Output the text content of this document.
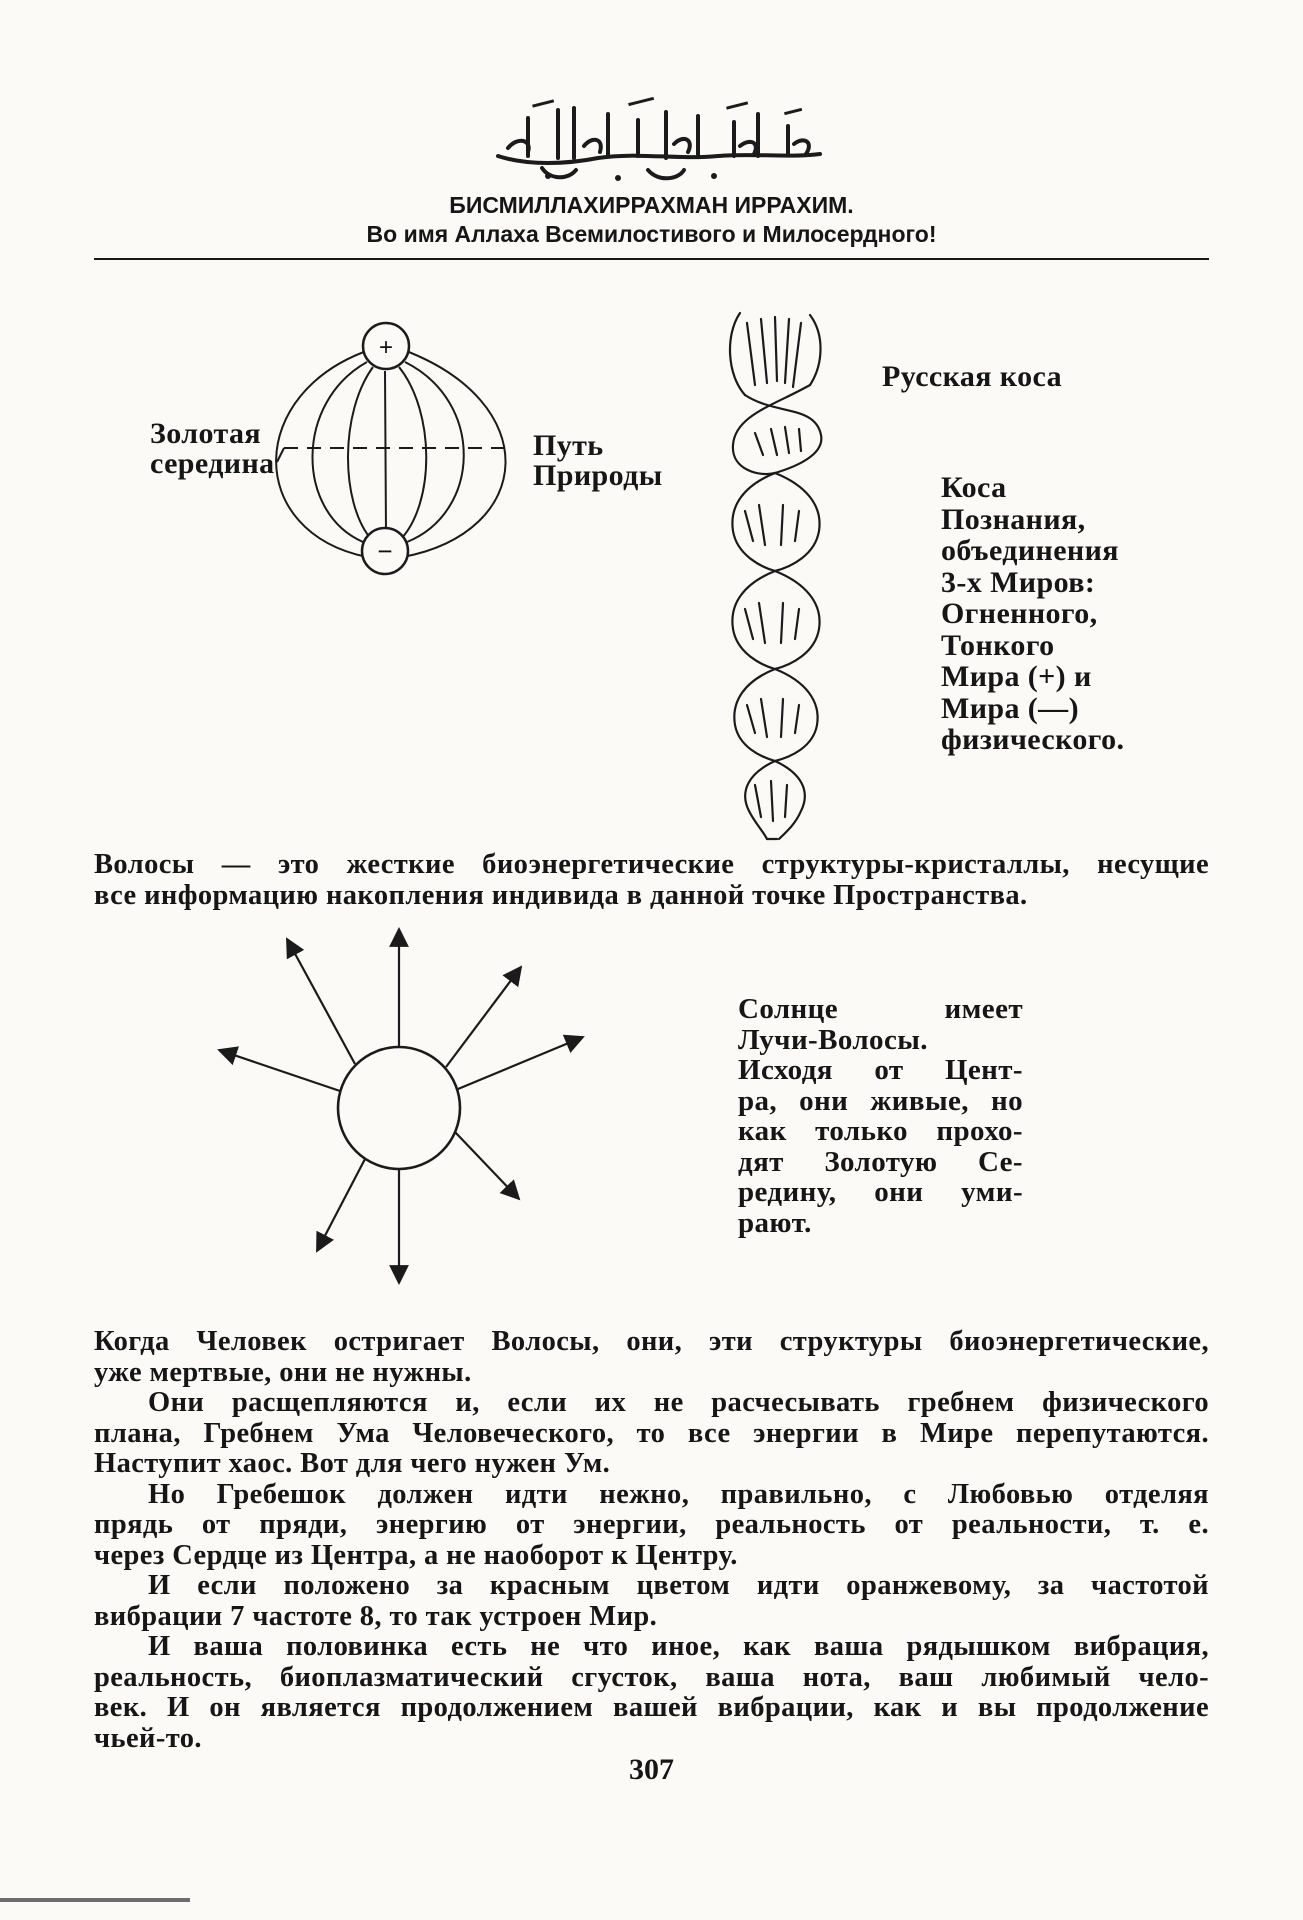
БИСМИЛЛАХИРРАХМАН ИРРАХИМ.
Во имя Аллаха Всемилостивого и Милосердного!
+
−
Золотая
середина
Путь
Природы
Русская коса
Коса
Познания,
объединения
3-х Миров:
Огненного,
Тонкого
Мира (+) и
Мира (—)
физического.
Волосы — это жесткие биоэнергетические структуры-кристаллы, несущие
все информацию накопления индивида в данной точке Пространства.
Солнце имеет
Лучи-Волосы.
Исходя от Цент-
ра, они живые, но
как только прохо-
дят Золотую Се-
редину, они уми-
рают.
Когда Человек остригает Волосы, они, эти структуры биоэнергетические,
уже мертвые, они не нужны.
Они расщепляются и, если их не расчесывать гребнем физического
плана, Гребнем Ума Человеческого, то все энергии в Мире перепутаются.
Наступит хаос. Вот для чего нужен Ум.
Но Гребешок должен идти нежно, правильно, с Любовью отделяя
прядь от пряди, энергию от энергии, реальность от реальности, т. е.
через Сердце из Центра, а не наоборот к Центру.
И если положено за красным цветом идти оранжевому, за частотой
вибрации 7 частоте 8, то так устроен Мир.
И ваша половинка есть не что иное, как ваша рядышком вибрация,
реальность, биоплазматический сгусток, ваша нота, ваш любимый чело-
век. И он является продолжением вашей вибрации, как и вы продолжение
чьей-то.
307
